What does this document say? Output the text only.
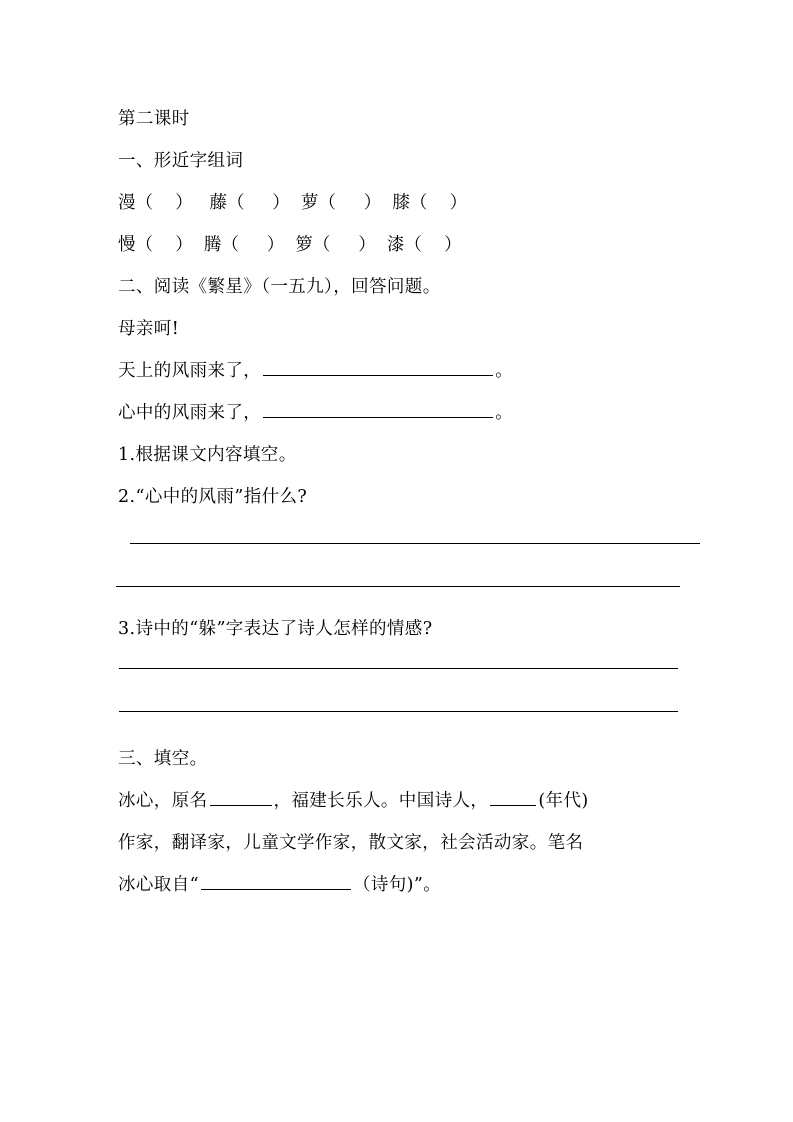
第二课时
一、形近字组词
漫（    ） 藤（     ） 萝（     ） 膝（    ）
慢（    ） 腾（     ） 箩（     ） 漆（    ）
二、阅读《繁星》（一五九），回答问题。
母亲呵!
天上的风雨来了，	。
心中的风雨来了，	。
1.根据课文内容填空。
2.“心中的风雨”指什么?
3.诗中的“躲”字表达了诗人怎样的情感?
三、填空。
冰心，原名	，福建长乐人。中国诗人，	(年代)
作家，翻译家，儿童文学作家，散文家，社会活动家。笔名
冰心取自“	（诗句)”。
